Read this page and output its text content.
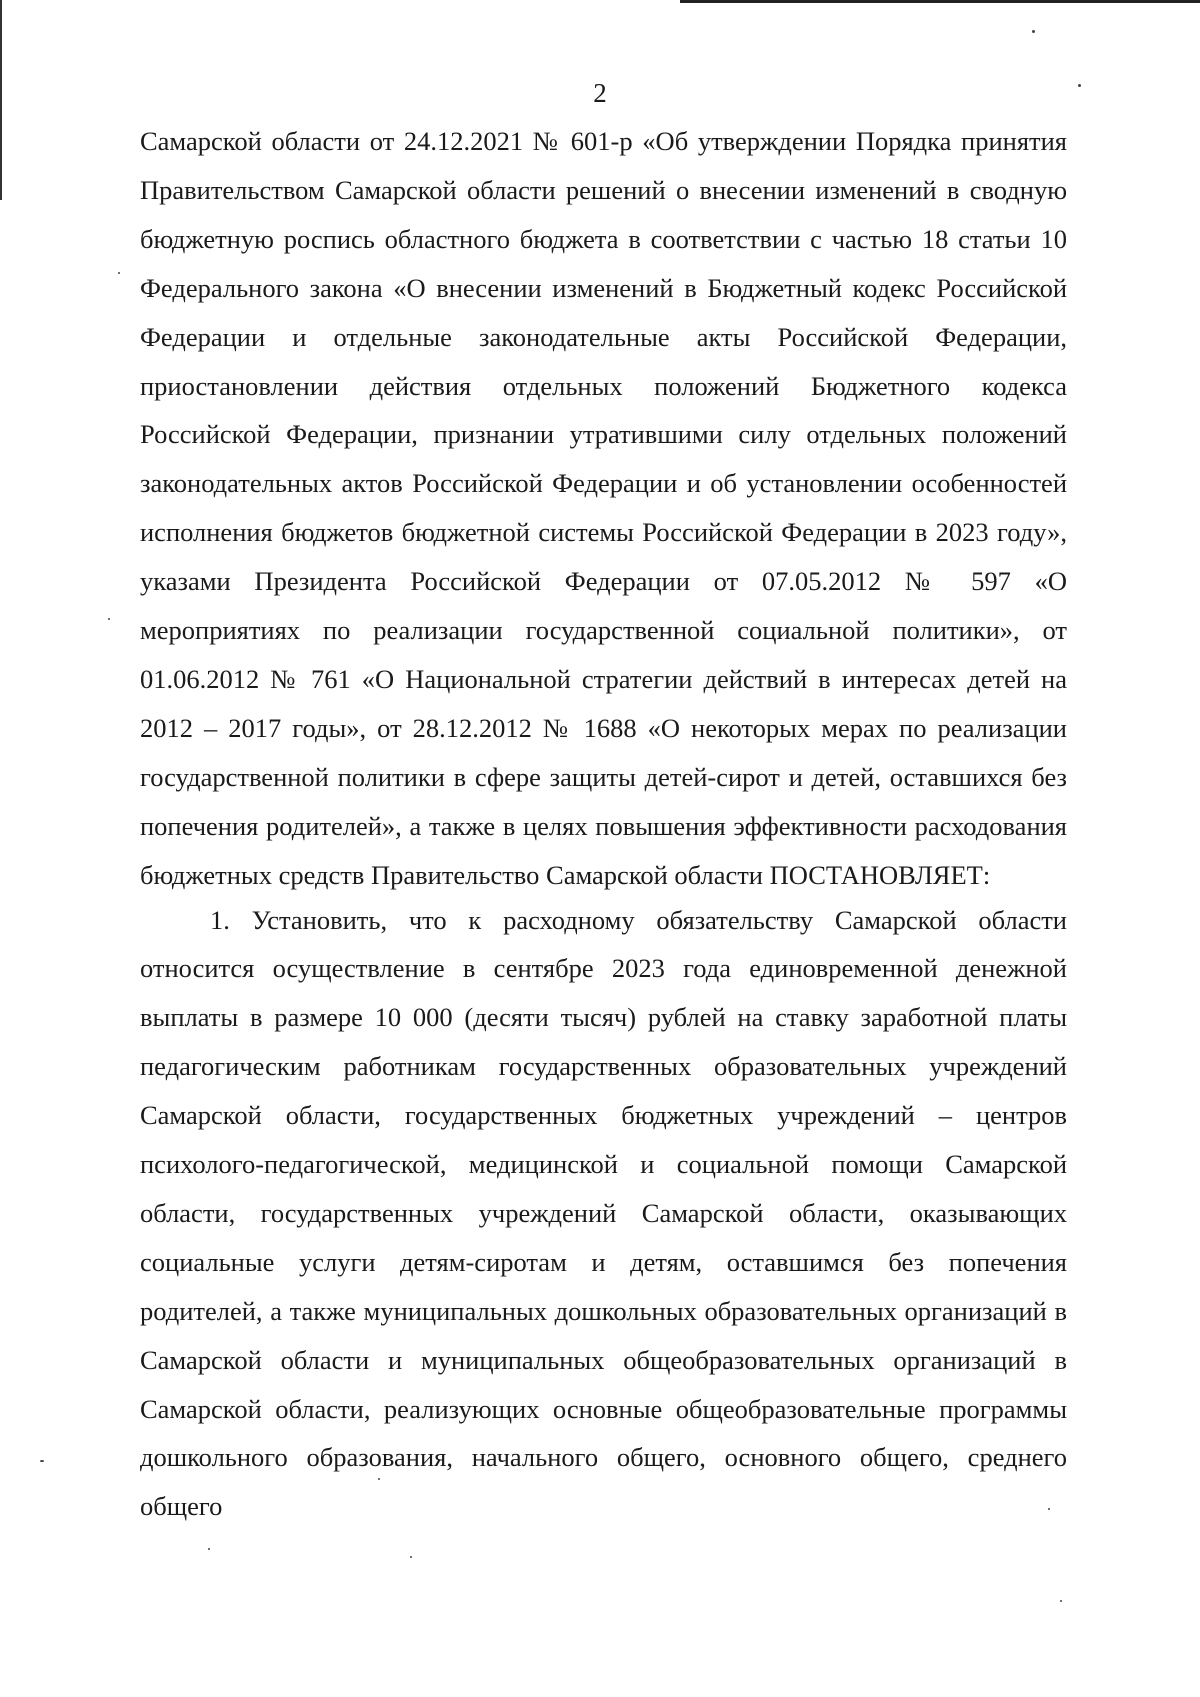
2

Самарской области от 24.12.2021 № 601-р «Об утверждении Порядка принятия Правительством Самарской области решений о внесении изменений в сводную бюджетную роспись областного бюджета в соответствии с частью 18 статьи 10 Федерального закона «О внесении изменений в Бюджетный кодекс Российской Федерации и отдельные законодательные акты Российской Федерации, приостановлении действия отдельных положений Бюджетного кодекса Российской Федерации, признании утратившими силу отдельных положений законодательных актов Российской Федерации и об установлении особенностей исполнения бюджетов бюджетной системы Российской Федерации в 2023 году», указами Президента Российской Федерации от 07.05.2012 № 597 «О мероприятиях по реализации государственной социальной политики», от 01.06.2012 № 761 «О Национальной стратегии действий в интересах детей на 2012 – 2017 годы», от 28.12.2012 № 1688 «О некоторых мерах по реализации государственной политики в сфере защиты детей-сирот и детей, оставшихся без попечения родителей», а также в целях повышения эффективности расходования бюджетных средств Правительство Самарской области ПОСТАНОВЛЯЕТ:

1. Установить, что к расходному обязательству Самарской области относится осуществление в сентябре 2023 года единовременной денежной выплаты в размере 10 000 (десяти тысяч) рублей на ставку заработной платы педагогическим работникам государственных образовательных учреждений Самарской области, государственных бюджетных учреждений – центров психолого-педагогической, медицинской и социальной помощи Самарской области, государственных учреждений Самарской области, оказывающих социальные услуги детям-сиротам и детям, оставшимся без попечения родителей, а также муниципальных дошкольных образовательных организаций в Самарской области и муниципальных общеобразовательных организаций в Самарской области, реализующих основные общеобразовательные программы дошкольного образования, начального общего, основного общего, среднего общего
